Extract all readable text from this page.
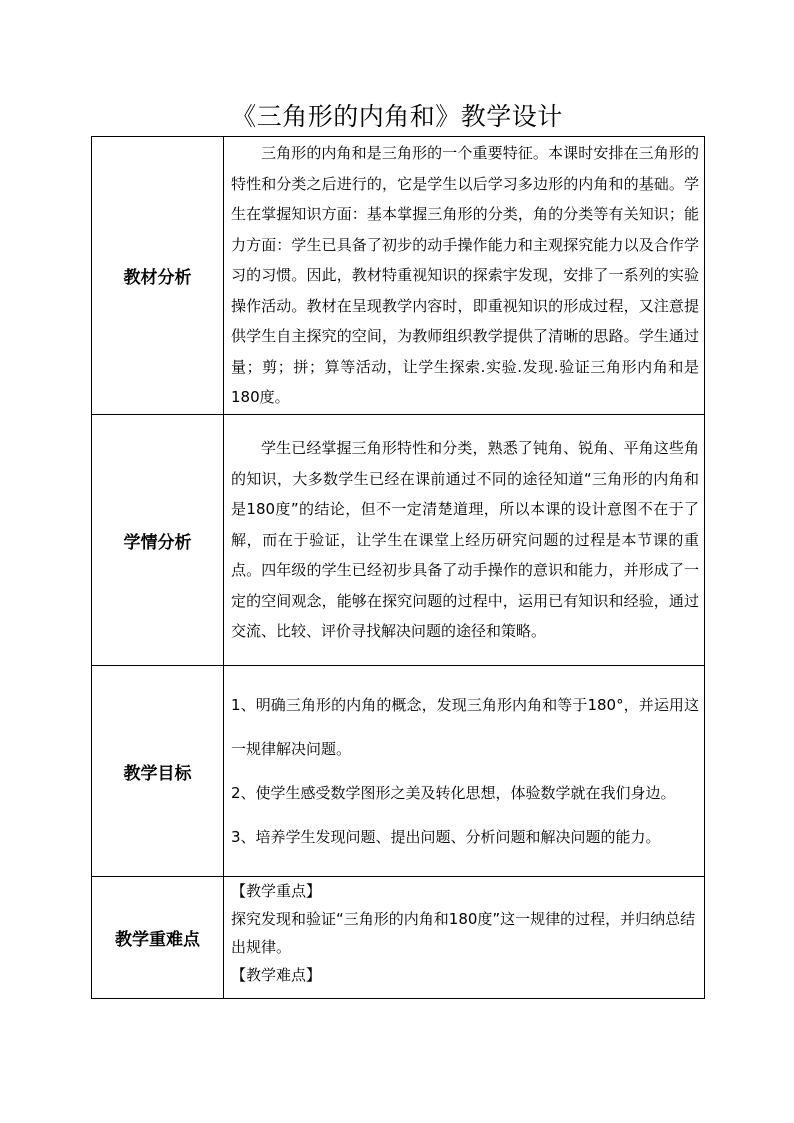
《三角形的内角和》教学设计
教材分析	三角形的内角和是三角形的一个重要特征。本课时安排在三角形的特性和分类之后进行的，它是学生以后学习多边形的内角和的基础。学生在掌握知识方面：基本掌握三角形的分类，角的分类等有关知识；能力方面：学生已具备了初步的动手操作能力和主观探究能力以及合作学习的习惯。因此，教材特重视知识的探索宇发现，安排了一系列的实验操作活动。教材在呈现教学内容时，即重视知识的形成过程，又注意提供学生自主探究的空间，为教师组织教学提供了清晰的思路。学生通过量；剪；拼；算等活动，让学生探索.实验.发现.验证三角形内角和是180度。

学情分析	学生已经掌握三角形特性和分类，熟悉了钝角、锐角、平角这些角的知识，大多数学生已经在课前通过不同的途径知道“三角形的内角和是180度”的结论，但不一定清楚道理，所以本课的设计意图不在于了解，而在于验证，让学生在课堂上经历研究问题的过程是本节课的重点。四年级的学生已经初步具备了动手操作的意识和能力，并形成了一定的空间观念，能够在探究问题的过程中，运用已有知识和经验，通过交流、比较、评价寻找解决问题的途径和策略。

教学目标	1、明确三角形的内角的概念，发现三角形内角和等于180°，并运用这一规律解决问题。

2、使学生感受数学图形之美及转化思想，体验数学就在我们身边。

3、培养学生发现问题、提出问题、分析问题和解决问题的能力。

教学重难点	【教学重点】

探究发现和验证“三角形的内角和180度”这一规律的过程，并归纳总结出规律。

【教学难点】
